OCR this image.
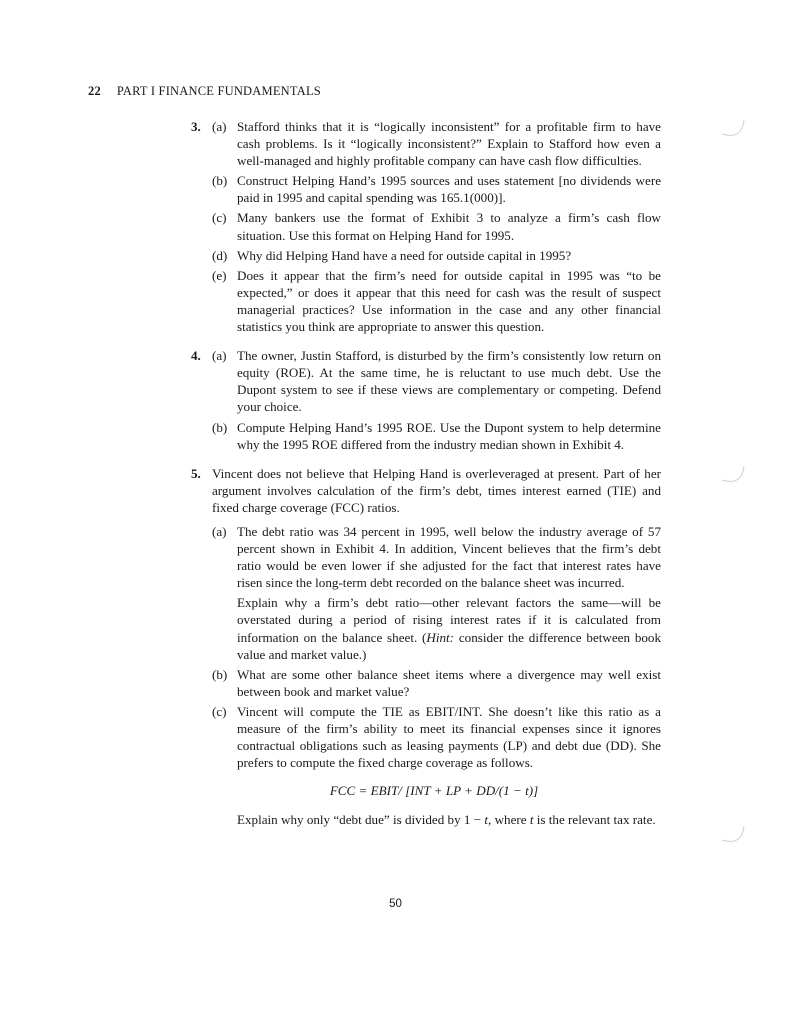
22 PART I FINANCE FUNDAMENTALS
3. (a) Stafford thinks that it is “logically inconsistent” for a profitable firm to have cash problems. Is it “logically inconsistent?” Explain to Stafford how even a well-managed and highly profitable company can have cash flow difficulties.
(b) Construct Helping Hand’s 1995 sources and uses statement [no dividends were paid in 1995 and capital spending was 165.1(000)].
(c) Many bankers use the format of Exhibit 3 to analyze a firm’s cash flow situation. Use this format on Helping Hand for 1995.
(d) Why did Helping Hand have a need for outside capital in 1995?
(e) Does it appear that the firm’s need for outside capital in 1995 was “to be expected,” or does it appear that this need for cash was the result of suspect managerial practices? Use information in the case and any other financial statistics you think are appropriate to answer this question.
4. (a) The owner, Justin Stafford, is disturbed by the firm’s consistently low return on equity (ROE). At the same time, he is reluctant to use much debt. Use the Dupont system to see if these views are complementary or competing. Defend your choice.
(b) Compute Helping Hand’s 1995 ROE. Use the Dupont system to help determine why the 1995 ROE differed from the industry median shown in Exhibit 4.
5. Vincent does not believe that Helping Hand is overleveraged at present. Part of her argument involves calculation of the firm’s debt, times interest earned (TIE) and fixed charge coverage (FCC) ratios.

(a) The debt ratio was 34 percent in 1995, well below the industry average of 57 percent shown in Exhibit 4. In addition, Vincent believes that the firm’s debt ratio would be even lower if she adjusted for the fact that interest rates have risen since the long-term debt recorded on the balance sheet was incurred.
Explain why a firm’s debt ratio—other relevant factors the same—will be overstated during a period of rising interest rates if it is calculated from information on the balance sheet. (Hint: consider the difference between book value and market value.)
(b) What are some other balance sheet items where a divergence may well exist between book and market value?
(c) Vincent will compute the TIE as EBIT/INT. She doesn’t like this ratio as a measure of the firm’s ability to meet its financial expenses since it ignores contractual obligations such as leasing payments (LP) and debt due (DD). She prefers to compute the fixed charge coverage as follows.
FCC = EBIT/ [INT + LP + DD/(1 − t)]
Explain why only “debt due” is divided by 1 − t, where t is the relevant tax rate.
50
